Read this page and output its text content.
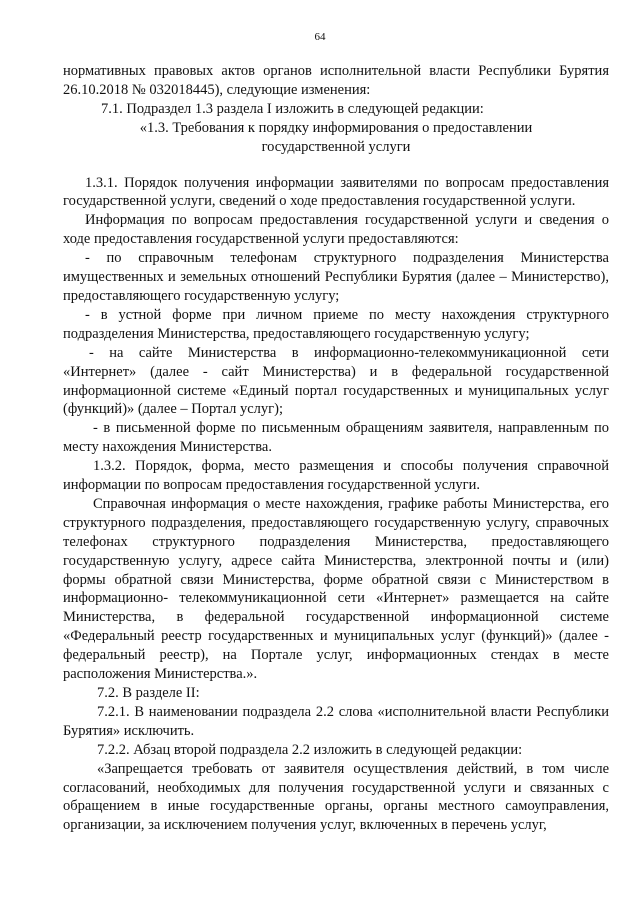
64

нормативных правовых актов органов исполнительной власти Республики Бурятия 26.10.2018 № 032018445), следующие изменения:

7.1. Подраздел 1.3 раздела I изложить в следующей редакции:

«1.3. Требования к порядку информирования о предоставлении государственной услуги

1.3.1. Порядок получения информации заявителями по вопросам предоставления государственной услуги, сведений о ходе предоставления государственной услуги.

Информация по вопросам предоставления государственной услуги и сведения о ходе предоставления государственной услуги предоставляются:

- по справочным телефонам структурного подразделения Министерства имущественных и земельных отношений Республики Бурятия (далее – Министерство), предоставляющего государственную услугу;

- в устной форме при личном приеме по месту нахождения структурного подразделения Министерства, предоставляющего государственную услугу;

- на сайте Министерства в информационно-телекоммуникационной сети «Интернет» (далее - сайт Министерства) и в федеральной государственной информационной системе «Единый портал государственных и муниципальных услуг (функций)» (далее – Портал услуг);

- в письменной форме по письменным обращениям заявителя, направленным по месту нахождения Министерства.

1.3.2. Порядок, форма, место размещения и способы получения справочной информации по вопросам предоставления государственной услуги.

Справочная информация о месте нахождения, графике работы Министерства, его структурного подразделения, предоставляющего государственную услугу, справочных телефонах структурного подразделения Министерства, предоставляющего государственную услугу, адресе сайта Министерства, электронной почты и (или) формы обратной связи Министерства, форме обратной связи с Министерством в информационно- телекоммуникационной сети «Интернет» размещается на сайте Министерства, в федеральной государственной информационной системе «Федеральный реестр государственных и муниципальных услуг (функций)» (далее - федеральный реестр), на Портале услуг, информационных стендах в месте расположения Министерства.».

7.2. В разделе II:

7.2.1. В наименовании подраздела 2.2 слова «исполнительной власти Республики Бурятия» исключить.

7.2.2. Абзац второй подраздела 2.2 изложить в следующей редакции:

«Запрещается требовать от заявителя осуществления действий, в том числе согласований, необходимых для получения государственной услуги и связанных с обращением в иные государственные органы, органы местного самоуправления, организации, за исключением получения услуг, включенных в перечень услуг,
